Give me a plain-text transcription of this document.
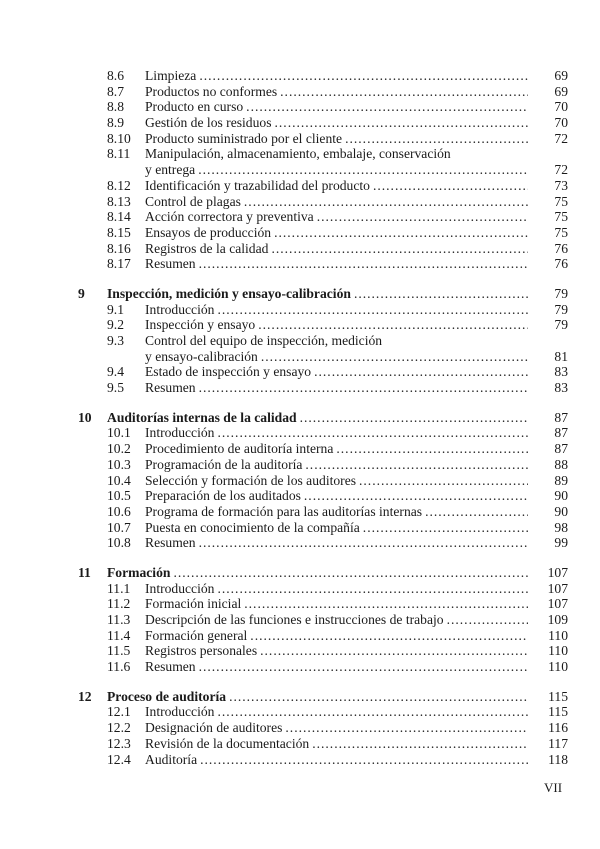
8.6	Limpieza . . .	69
8.7	Productos no conformes . . .	69
8.8	Producto en curso . . .	70
8.9	Gestión de los residuos . . .	70
8.10	Producto suministrado por el cliente . . .	72
8.11	Manipulación, almacenamiento, embalaje, conservación
y entrega . . .	72
8.12	Identificación y trazabilidad del producto . . .	73
8.13	Control de plagas . . .	75
8.14	Acción correctora y preventiva . . .	75
8.15	Ensayos de producción . . .	75
8.16	Registros de la calidad . . .	76
8.17	Resumen . . .	76
9	Inspección, medición y ensayo-calibración . . .	79
9.1	Introducción . . .	79
9.2	Inspección y ensayo . . .	79
9.3	Control del equipo de inspección, medición
y ensayo-calibración . . .	81
9.4	Estado de inspección y ensayo . . .	83
9.5	Resumen . . .	83
10	Auditorías internas de la calidad . . .	87
10.1	Introducción . . .	87
10.2	Procedimiento de auditoría interna . . .	87
10.3	Programación de la auditoría . . .	88
10.4	Selección y formación de los auditores . . .	89
10.5	Preparación de los auditados . . .	90
10.6	Programa de formación para las auditorías internas . . .	90
10.7	Puesta en conocimiento de la compañía . . .	98
10.8	Resumen . . .	99
11	Formación . . .	107
11.1	Introducción . . .	107
11.2	Formación inicial . . .	107
11.3	Descripción de las funciones e instrucciones de trabajo . . .	109
11.4	Formación general . . .	110
11.5	Registros personales . . .	110
11.6	Resumen . . .	110
12	Proceso de auditoría . . .	115
12.1	Introducción . . .	115
12.2	Designación de auditores . . .	116
12.3	Revisión de la documentación . . .	117
12.4	Auditoría . . .	118
VII
